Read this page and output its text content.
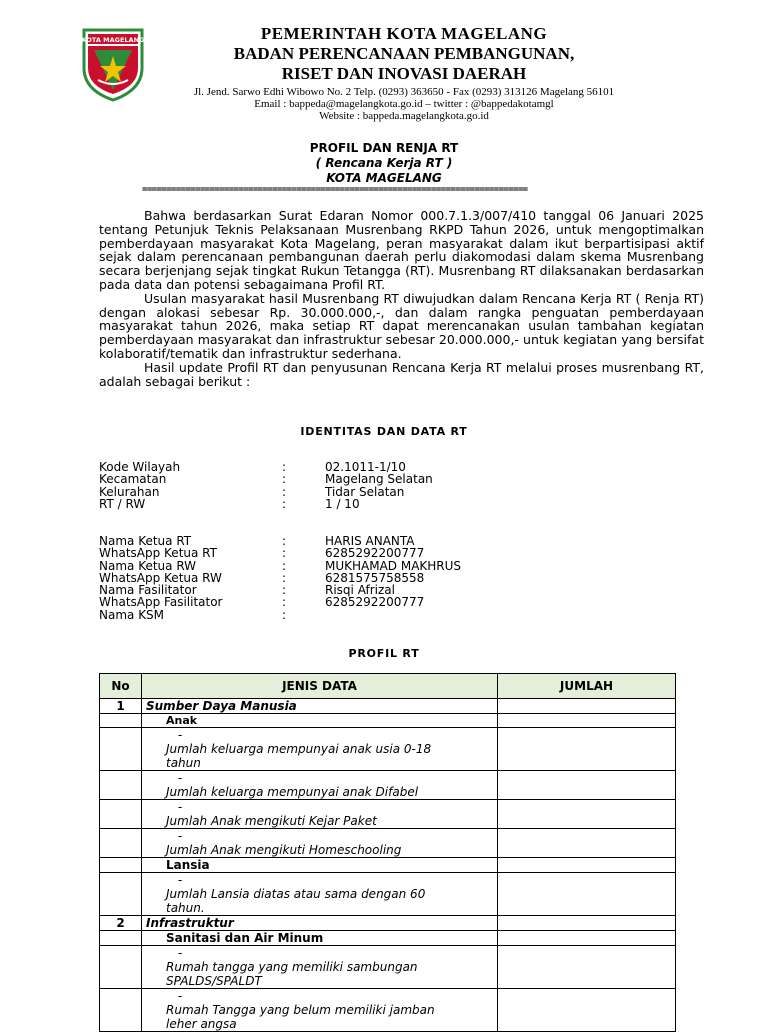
KOTA MAGELANG	PEMERINTAH KOTA MAGELANG
BADAN PERENCANAAN PEMBANGUNAN,
RISET DAN INOVASI DAERAH
Jl. Jend. Sarwo Edhi Wibowo No. 2 Telp. (0293) 363650 - Fax (0293) 313126 Magelang 56101
Email : bappeda@magelangkota.go.id – twitter : @bappedakotamgl
Website : bappeda.magelangkota.go.id
PROFIL DAN RENJA RT
( Rencana Kerja RT )
KOTA MAGELANG
================================================================================

Bahwa berdasarkan Surat Edaran Nomor 000.7.1.3/007/410 tanggal 06 Januari 2025 tentang Petunjuk Teknis Pelaksanaan Musrenbang RKPD Tahun 2026, untuk mengoptimalkan pemberdayaan masyarakat Kota Magelang, peran masyarakat dalam ikut berpartisipasi aktif sejak dalam perencanaan pembangunan daerah perlu diakomodasi dalam skema Musrenbang secara berjenjang sejak tingkat Rukun Tetangga (RT). Musrenbang RT dilaksanakan berdasarkan pada data dan potensi sebagaimana Profil RT.

Usulan masyarakat hasil Musrenbang RT diwujudkan dalam Rencana Kerja RT ( Renja RT) dengan alokasi sebesar Rp. 30.000.000,-, dan dalam rangka penguatan pemberdayaan masyarakat tahun 2026, maka setiap RT dapat merencanakan usulan tambahan kegiatan pemberdayaan masyarakat dan infrastruktur sebesar 20.000.000,- untuk kegiatan yang bersifat kolaboratif/tematik dan infrastruktur sederhana.

Hasil update Profil RT dan penyusunan Rencana Kerja RT melalui proses musrenbang RT, adalah sebagai berikut :

IDENTITAS DAN DATA RT
Kode Wilayah	:	02.1011-1/10
Kecamatan	:	Magelang Selatan
Kelurahan	:	Tidar Selatan
RT / RW	:	1 / 10
Nama Ketua RT	:	HARIS ANANTA
WhatsApp Ketua RT	:	6285292200777
Nama Ketua RW	:	MUKHAMAD MAKHRUS
WhatsApp Ketua RW	:	6281575758558
Nama Fasilitator	:	Risqi Afrizal
WhatsApp Fasilitator	:	6285292200777
Nama KSM	:
PROFIL RT
No	JENIS DATA	JUMLAH
1	Sumber Daya Manusia	
	Anak	
	-Jumlah keluarga mempunyai anak usia 0-18 tahun	
	-Jumlah keluarga mempunyai anak Difabel	
	-Jumlah Anak mengikuti Kejar Paket	
	-Jumlah Anak mengikuti Homeschooling	
	Lansia	
	-Jumlah Lansia diatas atau sama dengan 60 tahun.	
2	Infrastruktur	
	Sanitasi dan Air Minum	
	-Rumah tangga yang memiliki sambungan SPALDS/SPALDT	
	-Rumah Tangga yang belum memiliki jamban leher angsa	
